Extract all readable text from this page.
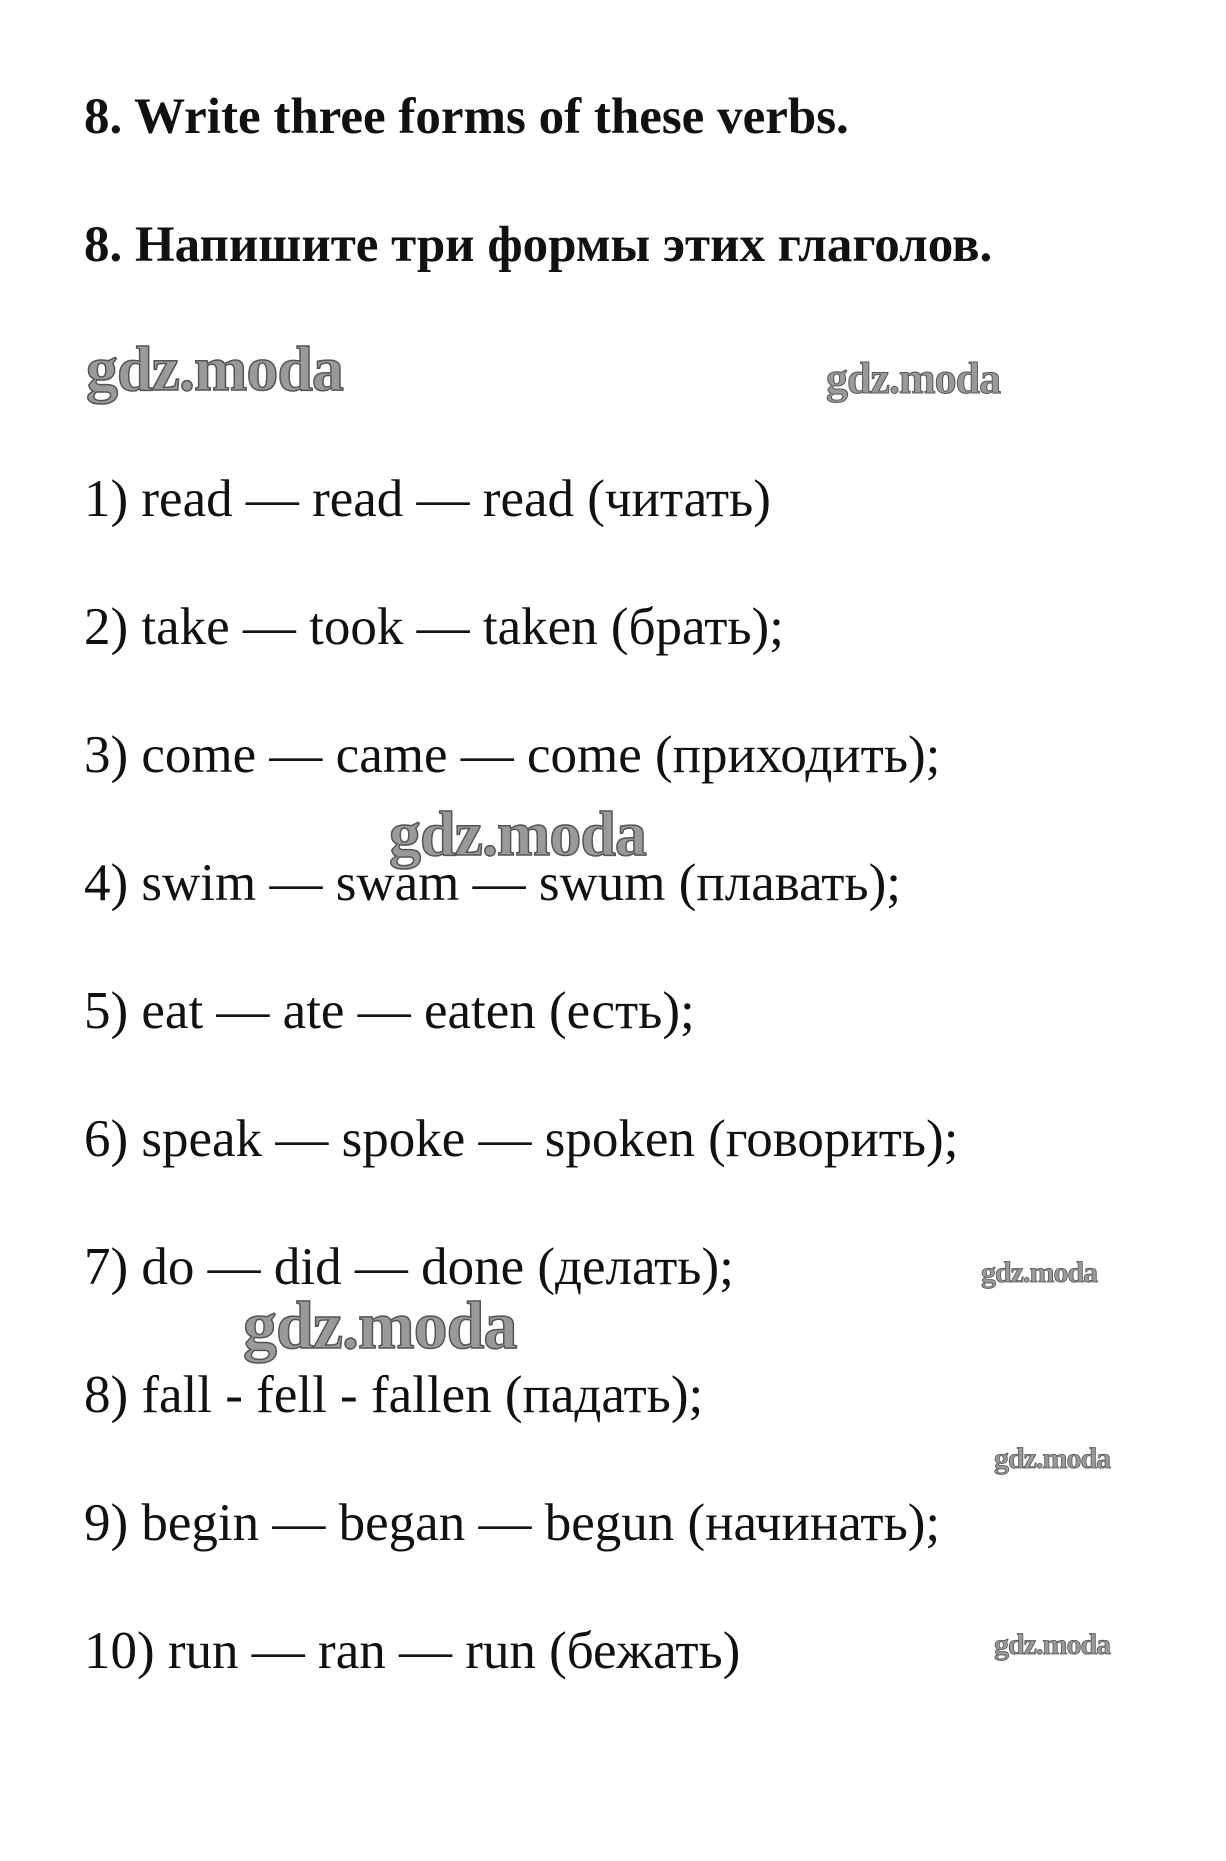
8. Write three forms of these verbs.
8. Напишите три формы этих глаголов.
1) read — read — read (читать)
2) take — took — taken (брать);
3) come — came — come (приходить);
4) swim — swam — swum (плавать);
5) eat — ate — eaten (есть);
6) speak — spoke — spoken (говорить);
7) do — did — done (делать);
8) fall - fell - fallen (падать);
9) begin — began — begun (начинать);
10) run — ran — run (бежать)
gdz.moda	gdz.moda
gdz.moda
gdz.moda
gdz.moda
gdz.moda
gdz.moda
